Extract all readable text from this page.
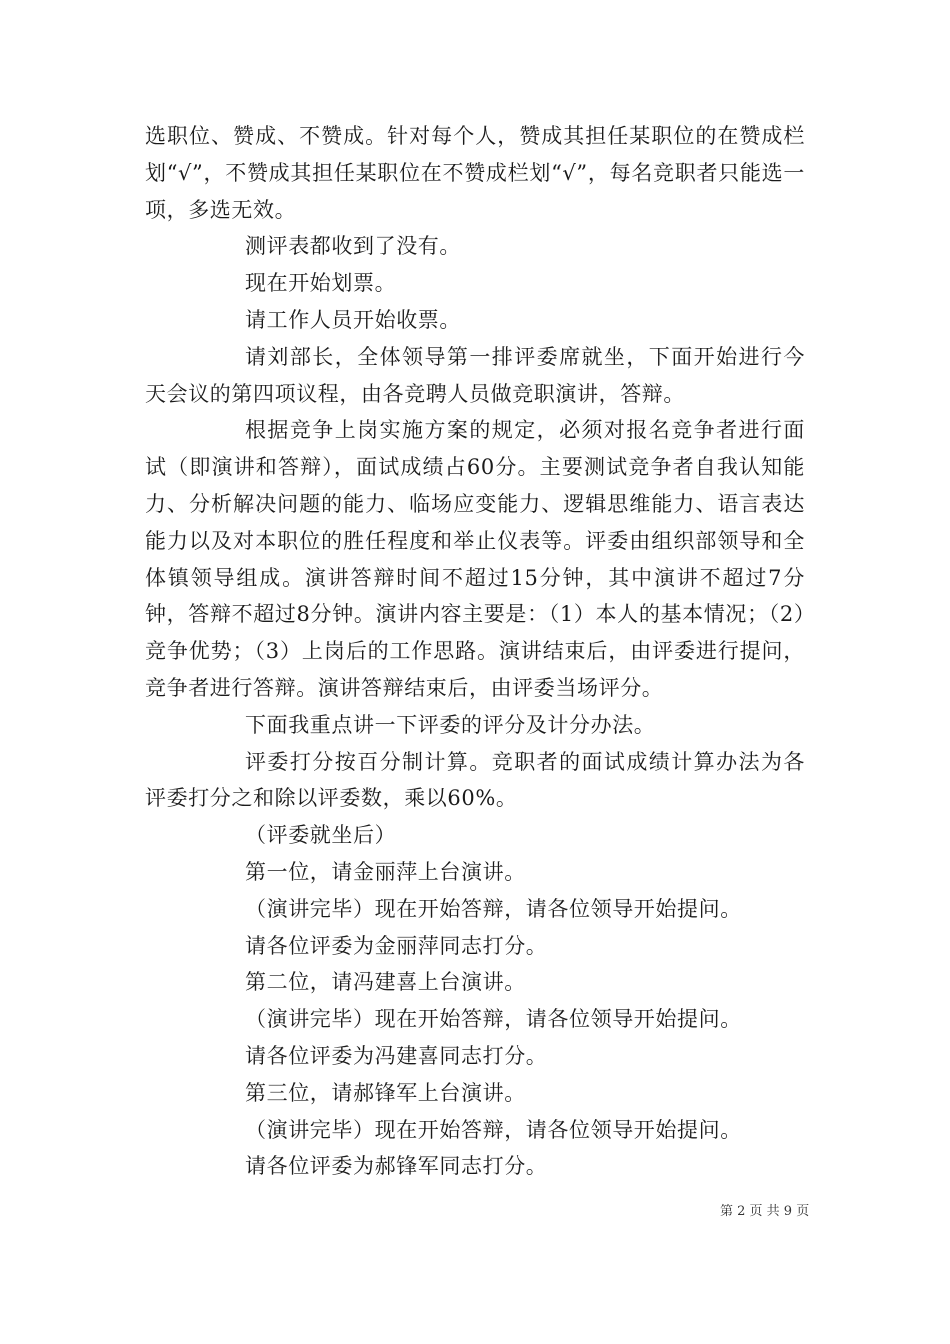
选职位、赞成、不赞成。针对每个人，赞成其担任某职位的在赞成栏划“√”，不赞成其担任某职位在不赞成栏划“√”，每名竞职者只能选一项，多选无效。

测评表都收到了没有。

现在开始划票。

请工作人员开始收票。

请刘部长，全体领导第一排评委席就坐，下面开始进行今天会议的第四项议程，由各竞聘人员做竞职演讲，答辩。

根据竞争上岗实施方案的规定，必须对报名竞争者进行面试（即演讲和答辩），面试成绩占60分。主要测试竞争者自我认知能力、分析解决问题的能力、临场应变能力、逻辑思维能力、语言表达能力以及对本职位的胜任程度和举止仪表等。评委由组织部领导和全体镇领导组成。演讲答辩时间不超过15分钟，其中演讲不超过7分钟，答辩不超过8分钟。演讲内容主要是：（1）本人的基本情况；（2）竞争优势；（3）上岗后的工作思路。演讲结束后，由评委进行提问，竞争者进行答辩。演讲答辩结束后，由评委当场评分。

下面我重点讲一下评委的评分及计分办法。

评委打分按百分制计算。竞职者的面试成绩计算办法为各评委打分之和除以评委数，乘以60%。

（评委就坐后）

第一位，请金丽萍上台演讲。

（演讲完毕）现在开始答辩，请各位领导开始提问。

请各位评委为金丽萍同志打分。

第二位，请冯建喜上台演讲。

（演讲完毕）现在开始答辩，请各位领导开始提问。

请各位评委为冯建喜同志打分。

第三位，请郝锋军上台演讲。

（演讲完毕）现在开始答辩，请各位领导开始提问。

请各位评委为郝锋军同志打分。

第 2 页 共 9 页
